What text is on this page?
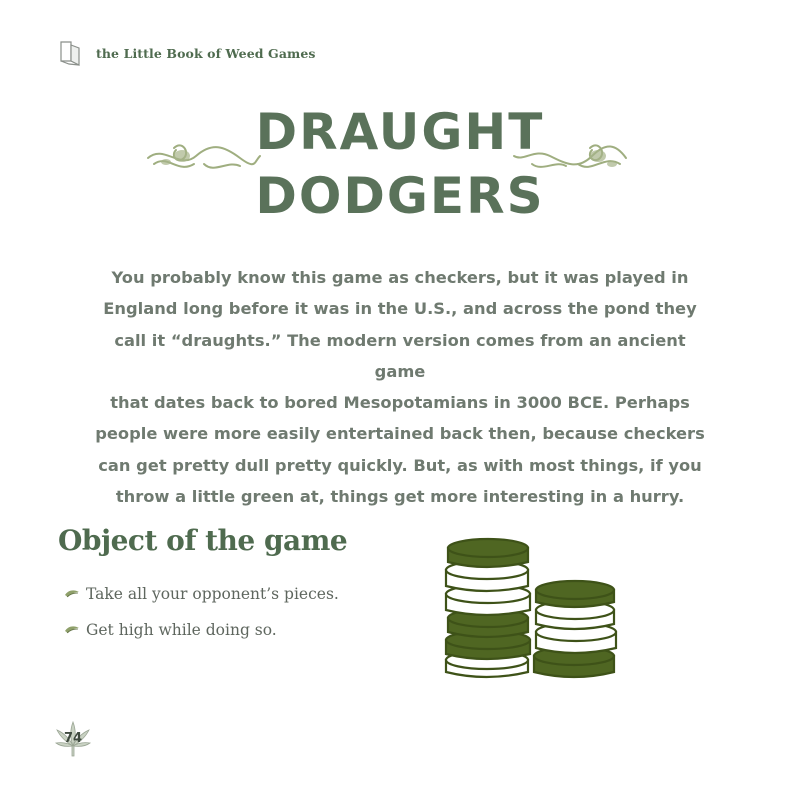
the Little Book of Weed Games
DRAUGHT
DODGERS
You probably know this game as checkers, but it was played in
England long before it was in the U.S., and across the pond they
call it “draughts.” The modern version comes from an ancient game
that dates back to bored Mesopotamians in 3000 BCE. Perhaps
people were more easily entertained back then, because checkers
can get pretty dull pretty quickly. But, as with most things, if you
throw a little green at, things get more interesting in a hurry.
Object of the game
Take all your opponent’s pieces.
Get high while doing so.
74
